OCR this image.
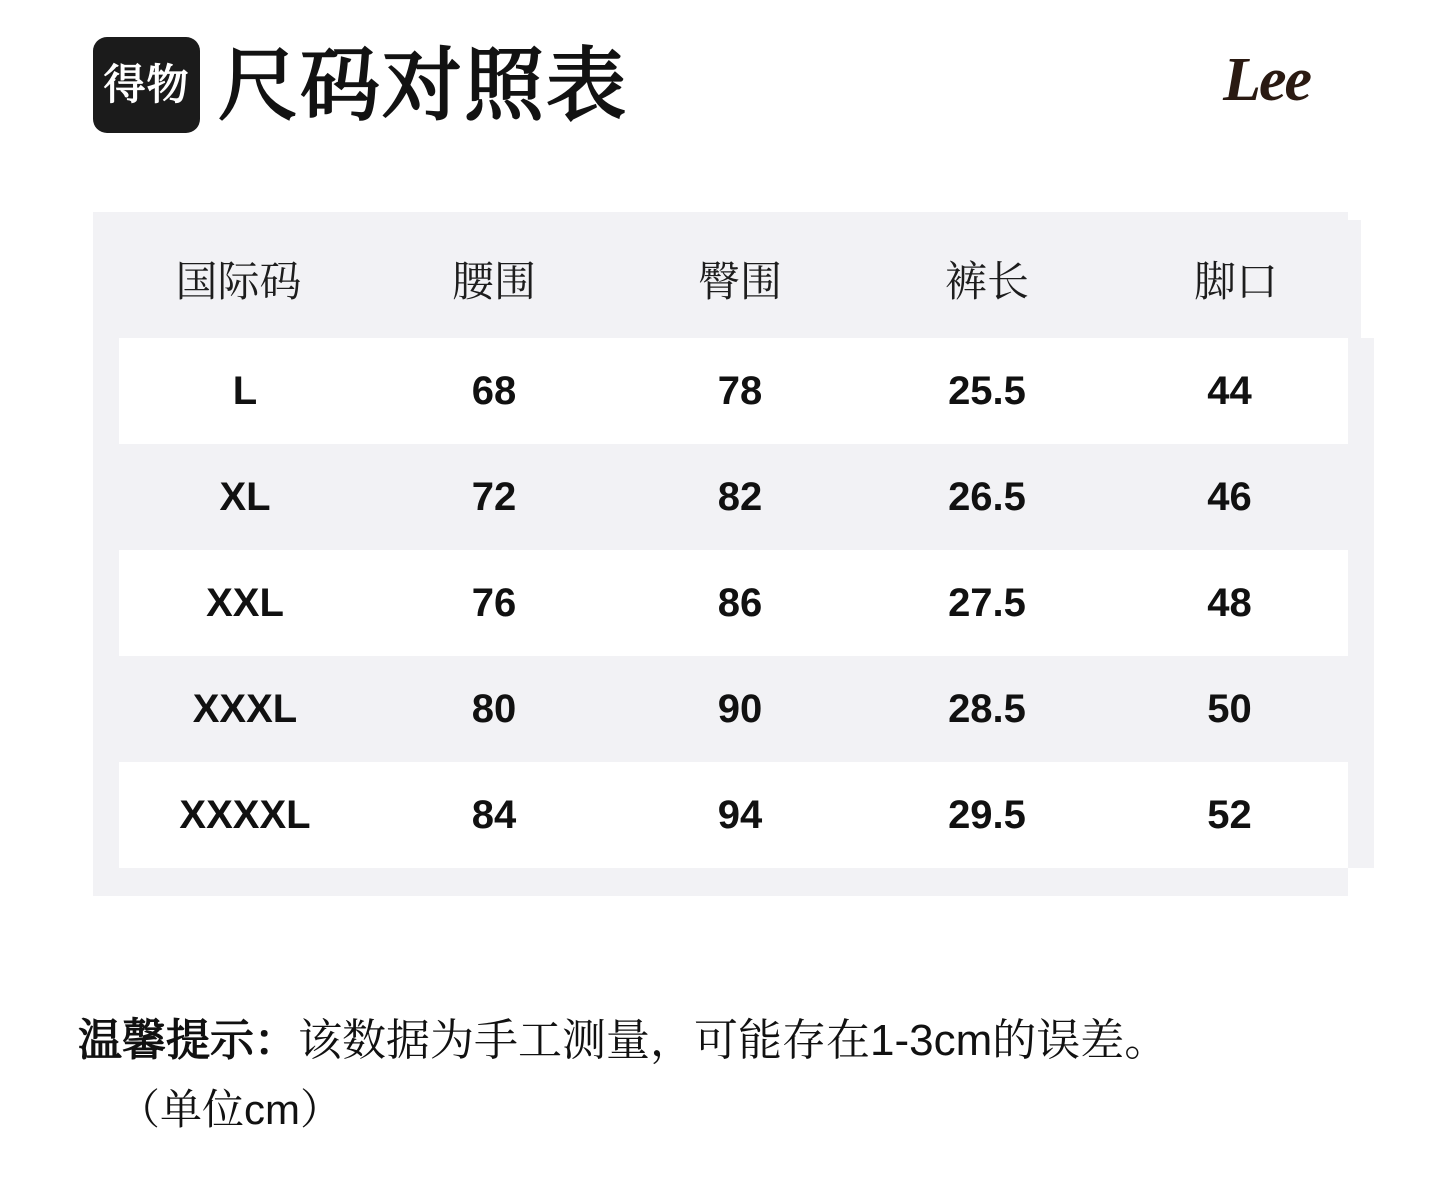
得物 尺码对照表	Lee
国际码	腰围	臀围	裤长	脚口
L	68	78	25.5	44
XL	72	82	26.5	46
XXL	76	86	27.5	48
XXXL	80	90	28.5	50
XXXXL	84	94	29.5	52
温馨提示：该数据为手工测量，可能存在1-3cm的误差。
（单位cm）
